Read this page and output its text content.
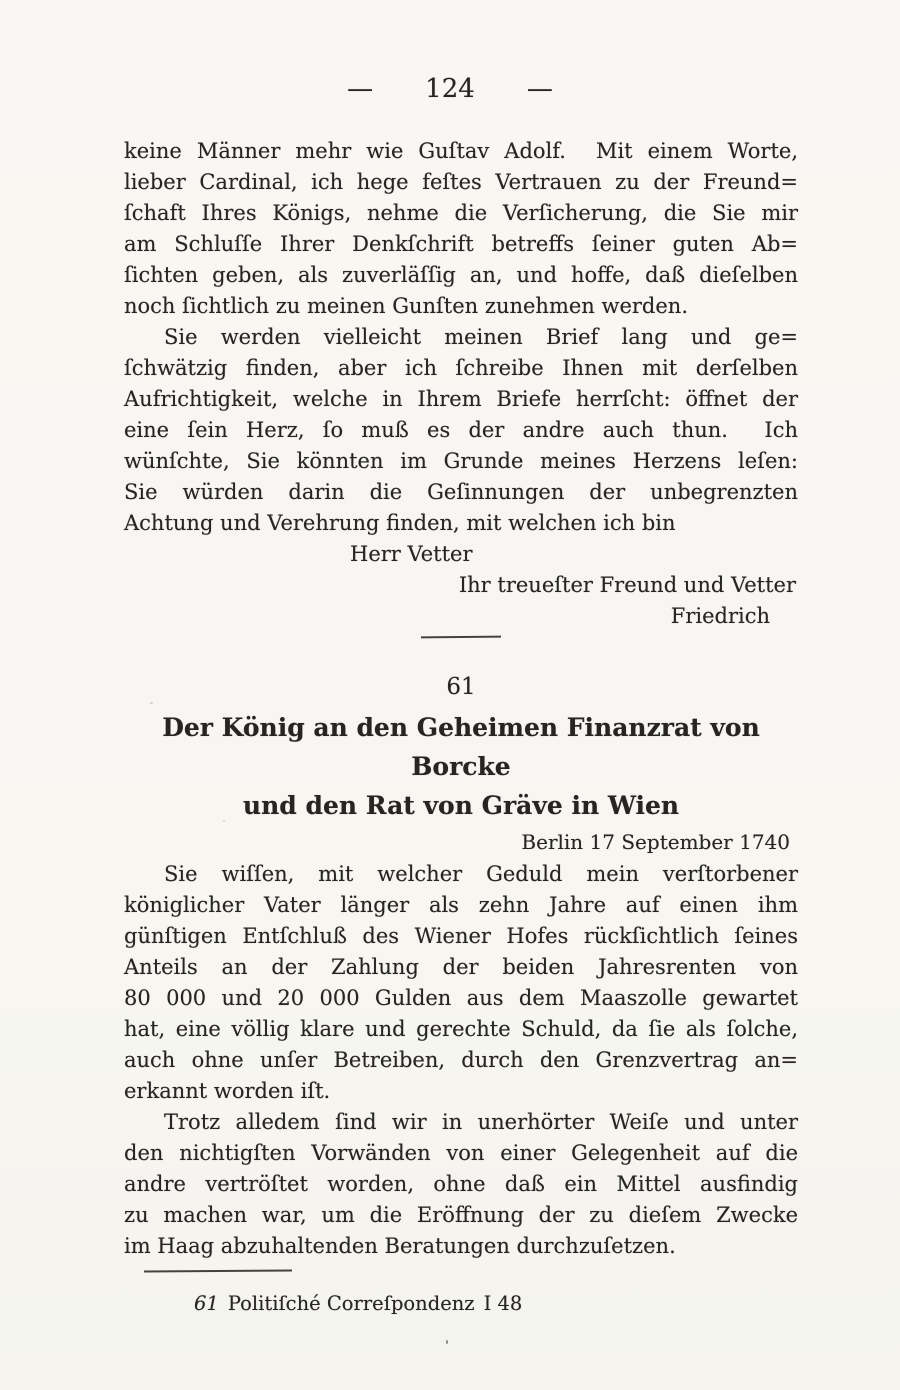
— 124 —
keine Männer mehr wie Guſtav Adolf.  Mit einem Worte,
lieber Cardinal, ich hege feſtes Vertrauen zu der Freund=
ſchaft Ihres Königs, nehme die Verſicherung, die Sie mir
am Schluſſe Ihrer Denkſchrift betreffs ſeiner guten Ab=
ſichten geben, als zuverläſſig an, und hoffe, daß dieſelben
noch ſichtlich zu meinen Gunſten zunehmen werden.
Sie werden vielleicht meinen Brief lang und ge=
ſchwätzig finden, aber ich ſchreibe Ihnen mit derſelben
Aufrichtigkeit, welche in Ihrem Briefe herrſcht: öffnet der
eine ſein Herz, ſo muß es der andre auch thun.  Ich
wünſchte, Sie könnten im Grunde meines Herzens leſen:
Sie würden darin die Geſinnungen der unbegrenzten
Achtung und Verehrung finden, mit welchen ich bin
Herr Vetter
Ihr treueſter Freund und Vetter
Friedrich
61
Der König an den Geheimen Finanzrat von Borcke
und den Rat von Gräve in Wien
Berlin 17 September 1740
Sie wiſſen, mit welcher Geduld mein verſtorbener
königlicher Vater länger als zehn Jahre auf einen ihm
günſtigen Entſchluß des Wiener Hofes rückſichtlich ſeines
Anteils an der Zahlung der beiden Jahresrenten von
80 000 und 20 000 Gulden aus dem Maaszolle gewartet
hat, eine völlig klare und gerechte Schuld, da ſie als ſolche,
auch ohne unſer Betreiben, durch den Grenzvertrag an=
erkannt worden iſt.
Trotz alledem ſind wir in unerhörter Weiſe und unter
den nichtigſten Vorwänden von einer Gelegenheit auf die
andre vertröſtet worden, ohne daß ein Mittel ausfindig
zu machen war, um die Eröffnung der zu dieſem Zwecke
im Haag abzuhaltenden Beratungen durchzuſetzen.
61 Politiſché Correſpondenz I 48
